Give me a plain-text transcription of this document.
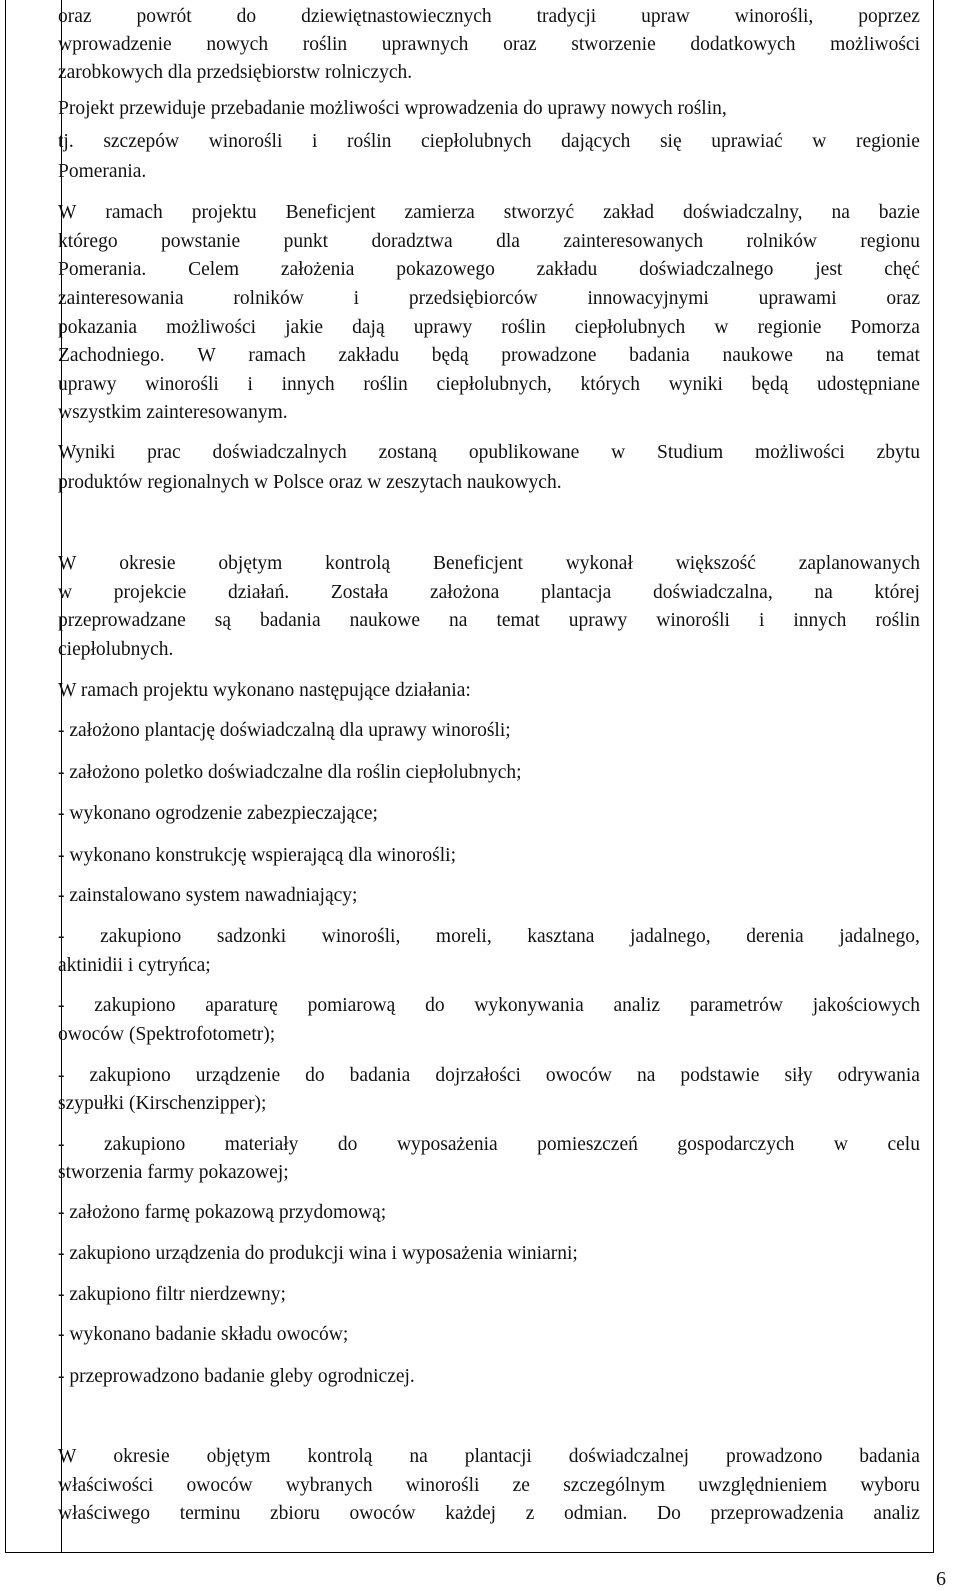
oraz powrót do dziewiętnastowiecznych tradycji upraw winorośli, poprzez
wprowadzenie nowych roślin uprawnych oraz stworzenie dodatkowych możliwości
zarobkowych dla przedsiębiorstw rolniczych.
Projekt przewiduje przebadanie możliwości wprowadzenia do uprawy nowych roślin,
tj. szczepów winorośli i roślin ciepłolubnych dających się uprawiać w regionie
Pomerania.
W ramach projektu Beneficjent zamierza stworzyć zakład doświadczalny, na bazie
którego powstanie punkt doradztwa dla zainteresowanych rolników regionu
Pomerania. Celem założenia pokazowego zakładu doświadczalnego jest chęć
zainteresowania	rolników	i	przedsiębiorców	innowacyjnymi	uprawami	oraz
pokazania możliwości jakie dają uprawy roślin ciepłolubnych w regionie Pomorza
Zachodniego. W ramach zakładu będą prowadzone badania naukowe na temat
uprawy winorośli i innych roślin ciepłolubnych, których wyniki będą udostępniane
wszystkim zainteresowanym.
Wyniki prac doświadczalnych zostaną opublikowane w Studium możliwości zbytu
produktów regionalnych w Polsce oraz w zeszytach naukowych.
W okresie objętym kontrolą Beneficjent wykonał większość zaplanowanych
w projekcie działań. Została założona plantacja doświadczalna, na której
przeprowadzane są badania naukowe na temat uprawy winorośli i innych roślin
ciepłolubnych.
W ramach projektu wykonano następujące działania:
- założono plantację doświadczalną dla uprawy winorośli;
- założono poletko doświadczalne dla roślin ciepłolubnych;
- wykonano ogrodzenie zabezpieczające;
- wykonano konstrukcję wspierającą dla winorośli;
- zainstalowano system nawadniający;
- zakupiono sadzonki winorośli, moreli, kasztana jadalnego, derenia jadalnego,
aktinidii i cytryńca;
- zakupiono aparaturę pomiarową do wykonywania analiz parametrów jakościowych
owoców (Spektrofotometr);
- zakupiono urządzenie do badania dojrzałości owoców na podstawie siły odrywania
szypułki (Kirschenzipper);
- zakupiono materiały do wyposażenia pomieszczeń gospodarczych w celu
stworzenia farmy pokazowej;
- założono farmę pokazową przydomową;
- zakupiono urządzenia do produkcji wina i wyposażenia winiarni;
- zakupiono filtr nierdzewny;
- wykonano badanie składu owoców;
- przeprowadzono badanie gleby ogrodniczej.
W okresie objętym kontrolą na plantacji doświadczalnej prowadzono badania
właściwości owoców wybranych winorośli ze szczególnym uwzględnieniem wyboru
właściwego terminu zbioru owoców każdej z odmian. Do przeprowadzenia analiz
6
